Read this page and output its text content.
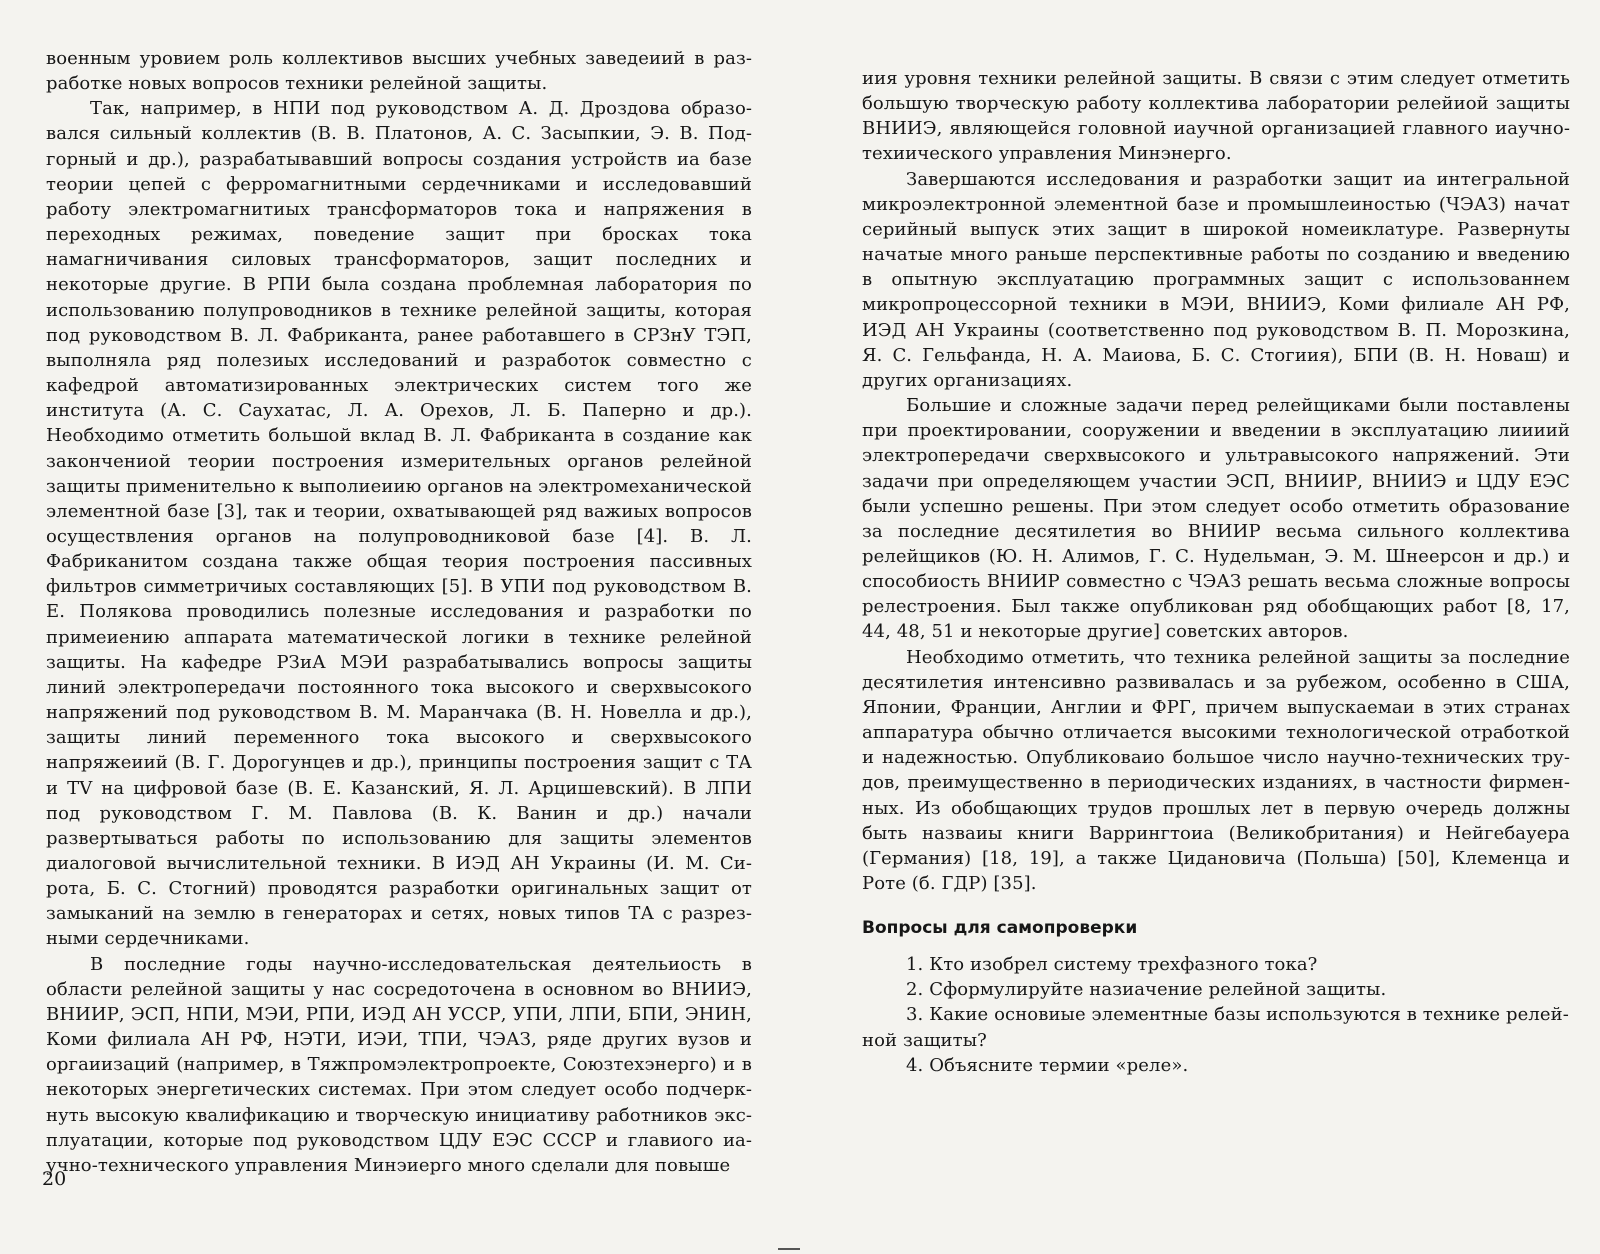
военным уровием роль коллективов высших учебных заведеиий в разработке новых вопросов техники релейной защиты.

Так, например, в НПИ под руководством А. Д. Дроздова образовался сильный коллектив (В. В. Платонов, А. С. Засыпкии, Э. В. Подгорный и др.), разрабатывавший вопросы создания устройств иа базе теории цепей с ферромагнитными сердечниками и исследовавший работу электромагнитиых трансформаторов тока и напряжения в переходных режимах, поведение защит при бросках тока намагничивания силовых трансформаторов, защит последних и некоторые другие. В РПИ была создана проблемная лаборатория по использованию полупроводников в технике релейной защиты, которая под руководством В. Л. Фабриканта, ранее работавшего в СРЗнУ ТЭП, выполняла ряд полезиых исследований и разработок совместно с кафедрой автоматизированных электрических систем того же института (А. С. Саухатас, Л. А. Орехов, Л. Б. Паперно и др.). Необходимо отметить большой вклад В. Л. Фабриканта в создание как закончениой теории построения измерительных органов релейной защиты применительно к выполиеиию органов на электромеханической элементной базе [3], так и теории, охватывающей ряд важиых вопросов осуществления органов на полупроводниковой базе [4]. В. Л. Фабриканитом создана также общая теория построения пассивных фильтров симметричиых составляющих [5]. В УПИ под руководством В. Е. Полякова проводились полезные исследования и разработки по примеиению аппарата математической логики в технике релейной защиты. На кафедре РЗиА МЭИ разрабатывались вопросы защиты линий электропередачи постоянного тока высокого и сверхвысокого напряжений под руководством В. М. Маранчака (В. Н. Новелла и др.), защиты линий переменного тока высокого и сверхвысокого напряжеиий (В. Г. Дорогунцев и др.), принципы построения защит с ТА и TV на цифровой базе (В. Е. Казанский, Я. Л. Арцишевский). В ЛПИ под руководством Г. М. Павлова (В. К. Ванин и др.) начали развертываться работы по использованию для защиты элементов диалоговой вычислительной техники. В ИЭД АН Украины (И. М. Сирота, Б. С. Стогний) проводятся разработки оригинальных защит от замыканий на землю в генераторах и сетях, новых типов ТА с разрезными сердечниками.

В последние годы научно-исследовательская деятельиость в области релейной защиты у нас сосредоточена в основном во ВНИИЭ, ВНИИР, ЭСП, НПИ, МЭИ, РПИ, ИЭД АН УССР, УПИ, ЛПИ, БПИ, ЭНИН, Коми филиала АН РФ, НЭТИ, ИЭИ, ТПИ, ЧЭАЗ, ряде других вузов и оргаиизаций (например, в Тяжпромэлектропроекте, Союзтехэнерго) и в некоторых энергетических системах. При этом следует особо подчеркнуть высокую квалификацию и творческую инициативу работников эксплуатации, которые под руководством ЦДУ ЕЭС СССР и главиого иаучно-технического управления Минэиерго много сделали для повыше

20

иия уровня техники релейной защиты. В связи с этим следует отметить большую творческую работу коллектива лаборатории релейиой защиты ВНИИЭ, являющейся головной иаучной организацией главного иаучно-техиического управления Минэнерго.

Завершаются исследования и разработки защит иа интегральной микроэлектронной элементной базе и промышлеиностью (ЧЭАЗ) начат серийный выпуск этих защит в широкой номеиклатуре. Развернуты начатые много раньше перспективные работы по созданию и введению в опытную эксплуатацию программных защит с использованнем микропроцессорной техники в МЭИ, ВНИИЭ, Коми филиале АН РФ, ИЭД АН Украины (соответственно под руководством В. П. Морозкина, Я. С. Гельфанда, Н. А. Маиова, Б. С. Стогиия), БПИ (В. Н. Новаш) и других организациях.

Большие и сложные задачи перед релейщиками были поставлены при проектировании, сооружении и введении в эксплуатацию лиииий электропередачи сверхвысокого и ультравысокого напряжений. Эти задачи при определяющем участии ЭСП, ВНИИР, ВНИИЭ и ЦДУ ЕЭС были успешно решены. При этом следует особо отметить образование за последние десятилетия во ВНИИР весьма сильного коллектива релейщиков (Ю. Н. Алимов, Г. С. Нудельман, Э. М. Шнеерсон и др.) и способиость ВНИИР совместно с ЧЭАЗ решать весьма сложные вопросы релестроения. Был также опубликован ряд обобщающих работ [8, 17, 44, 48, 51 и некоторые другие] советских авторов.

Необходимо отметить, что техника релейной защиты за последние десятилетия интенсивно развивалась и за рубежом, особенно в США, Японии, Франции, Англии и ФРГ, причем выпускаемаи в этих странах аппаратура обычно отличается высокими технологической отработкой и надежностью. Опубликоваио большое число научно-технических трудов, преимущественно в периодических изданиях, в частности фирменных. Из обобщающих трудов прошлых лет в первую очередь должны быть назваиы книги Варрингтоиа (Великобритания) и Нейгебауера (Германия) [18, 19], а также Цидановича (Польша) [50], Клеменца и Роте (б. ГДР) [35].

Вопросы для самопроверки
1. Кто изобрел систему трехфазного тока?
2. Сформулируйте назиачение релейной защиты.
3. Какие основиые элементные базы используются в технике релейной защиты?
4. Объясните термии «реле».
